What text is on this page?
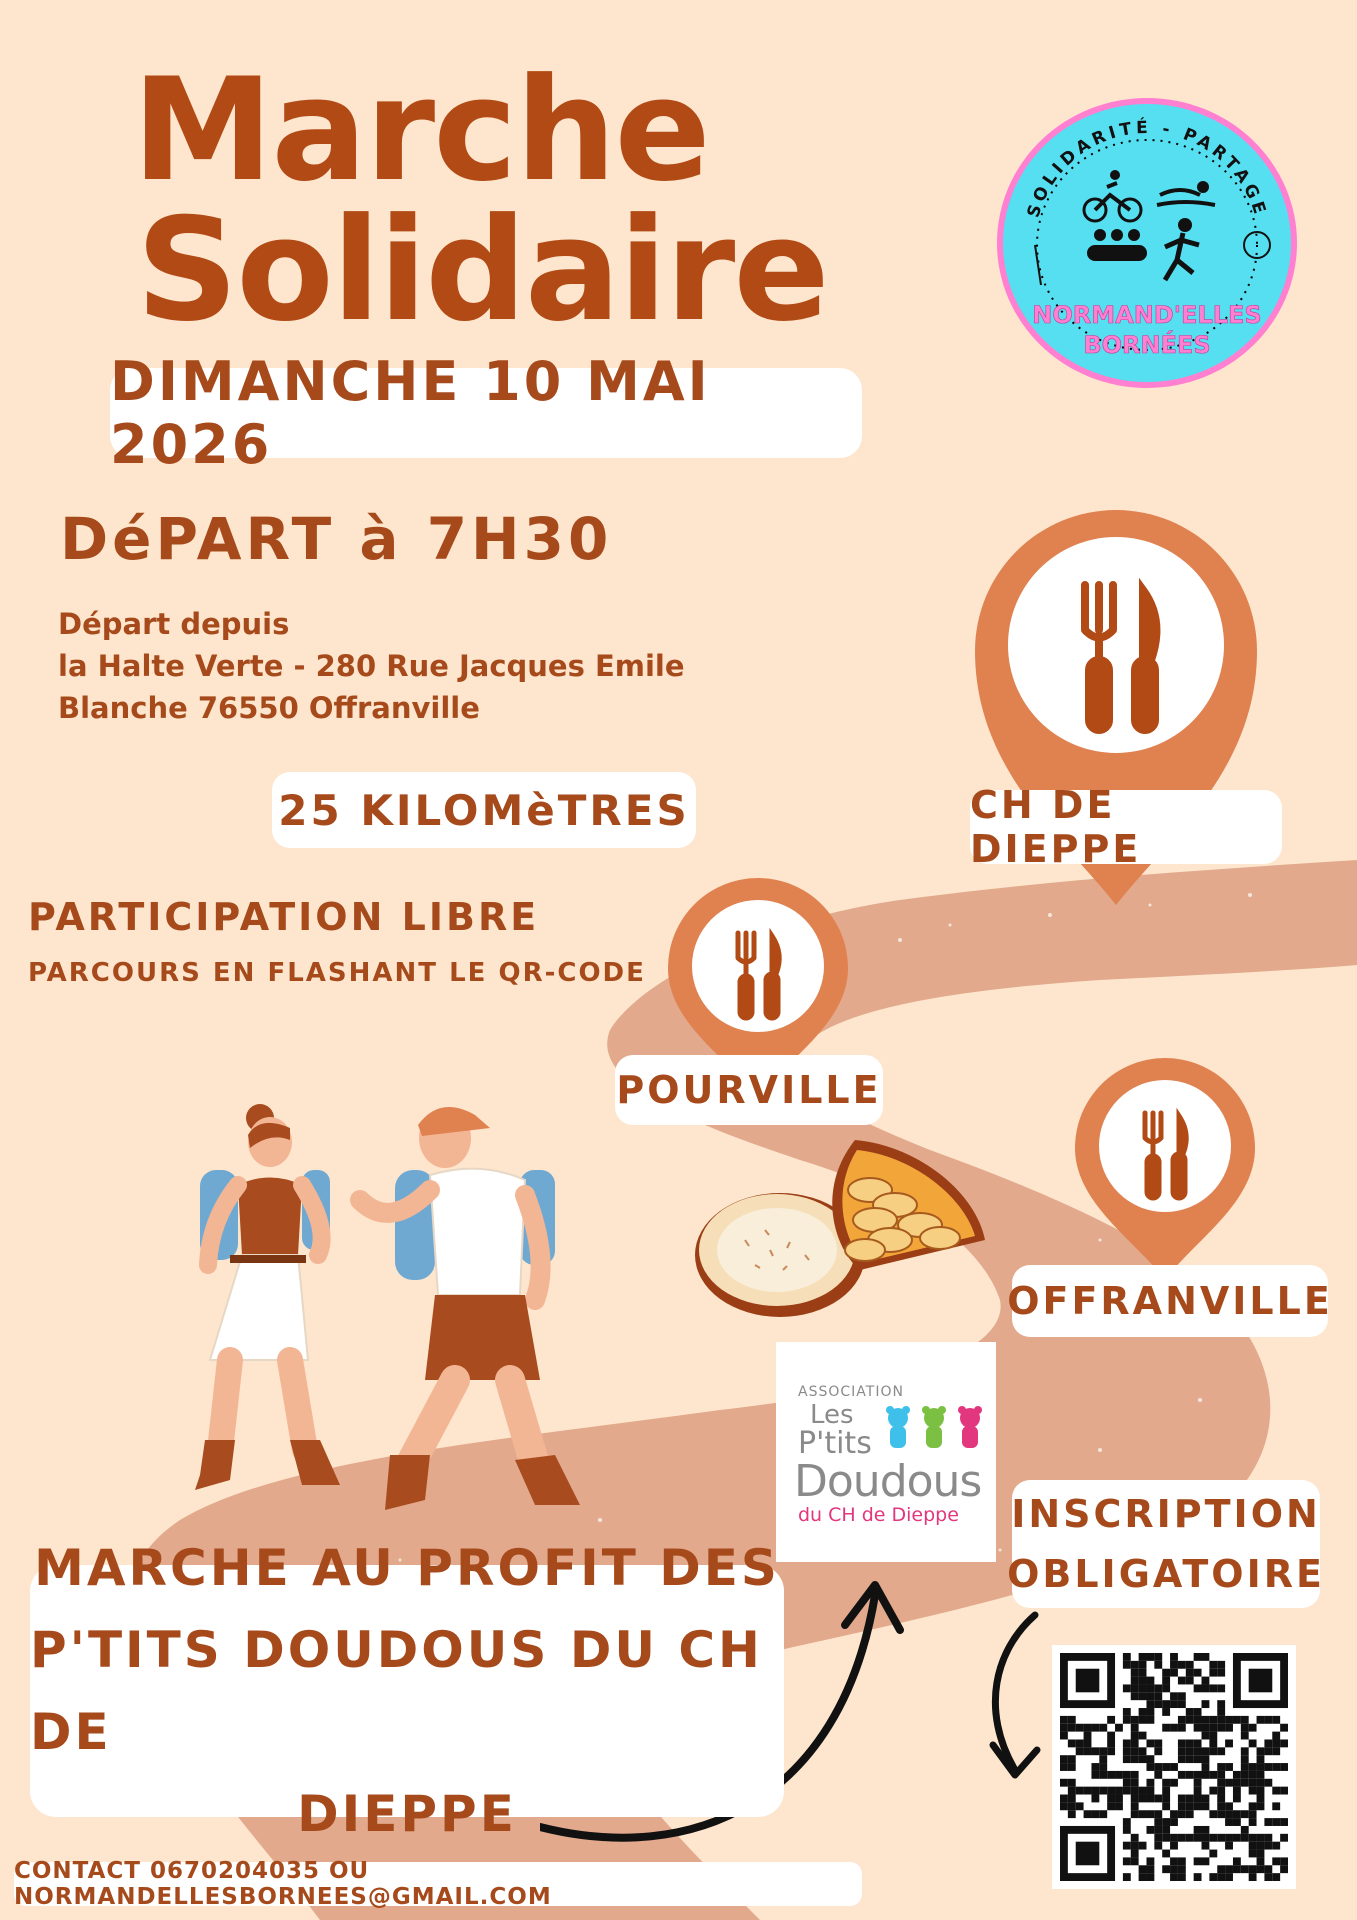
Marche
Solidaire	SOLIDARITÉ - PARTAGE
NORMAND'ELLES
BORNÉES
DIMANCHE 10 MAI 2026
DéPART à 7H30
Départ depuis
la Halte Verte - 280 Rue Jacques Emile
Blanche 76550 Offranville
25 KILOMèTRES
PARTICIPATION LIBRE
PARCOURS EN FLASHANT LE QR-CODE
CH DE DIEPPE
POURVILLE
OFFRANVILLE
ASSOCIATION
Les
P'tits
Doudous
du CH de Dieppe INSCRIPTION
OBLIGATOIRE
MARCHE AU PROFIT DES
P'TITS DOUDOUS DU CH DE
DIEPPE
CONTACT 0670204035 OU NORMANDELLESBORNEES@GMAIL.COM
